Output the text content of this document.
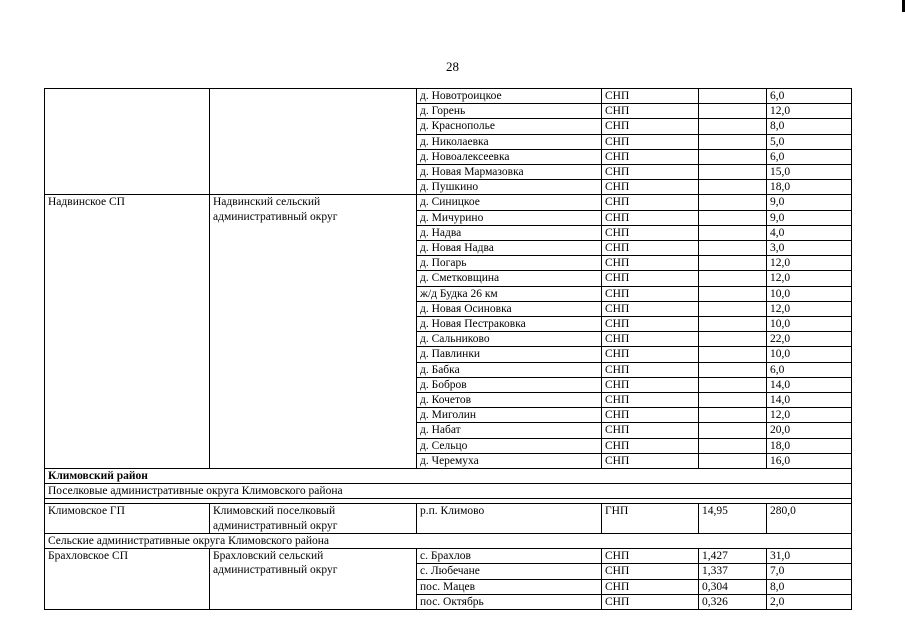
28
		д. Новотроицкое	СНП		6,0
		д. Горень	СНП		12,0
		д. Краснополье	СНП		8,0
		д. Николаевка	СНП		5,0
		д. Новоалексеевка	СНП		6,0
		д. Новая Мармазовка	СНП		15,0
		д. Пушкино	СНП		18,0
Надвинское СП	Надвинский сельский административный округ	д. Синицкое	СНП		9,0
		д. Мичурино	СНП		9,0
		д. Надва	СНП		4,0
		д. Новая Надва	СНП		3,0
		д. Погарь	СНП		12,0
		д. Сметковщина	СНП		12,0
		ж/д Будка 26 км	СНП		10,0
		д. Новая Осиновка	СНП		12,0
		д. Новая Пестраковка	СНП		10,0
		д. Сальниково	СНП		22,0
		д. Павлинки	СНП		10,0
		д. Бабка	СНП		6,0
		д. Бобров	СНП		14,0
		д. Кочетов	СНП		14,0
		д. Миголин	СНП		12,0
		д. Набат	СНП		20,0
		д. Сельцо	СНП		18,0
		д. Черемуха	СНП		16,0
Климовский район					
Поселковые административные округа Климовского района					

Климовское ГП	Климовский поселковый административный округ	р.п. Климово	ГНП	14,95	280,0
Сельские административные округа Климовского района					
Брахловское СП	Брахловский сельский административный округ	с. Брахлов	СНП	1,427	31,0
		с. Любечане	СНП	1,337	7,0
		пос. Мацев	СНП	0,304	8,0
		пос. Октябрь	СНП	0,326	2,0
